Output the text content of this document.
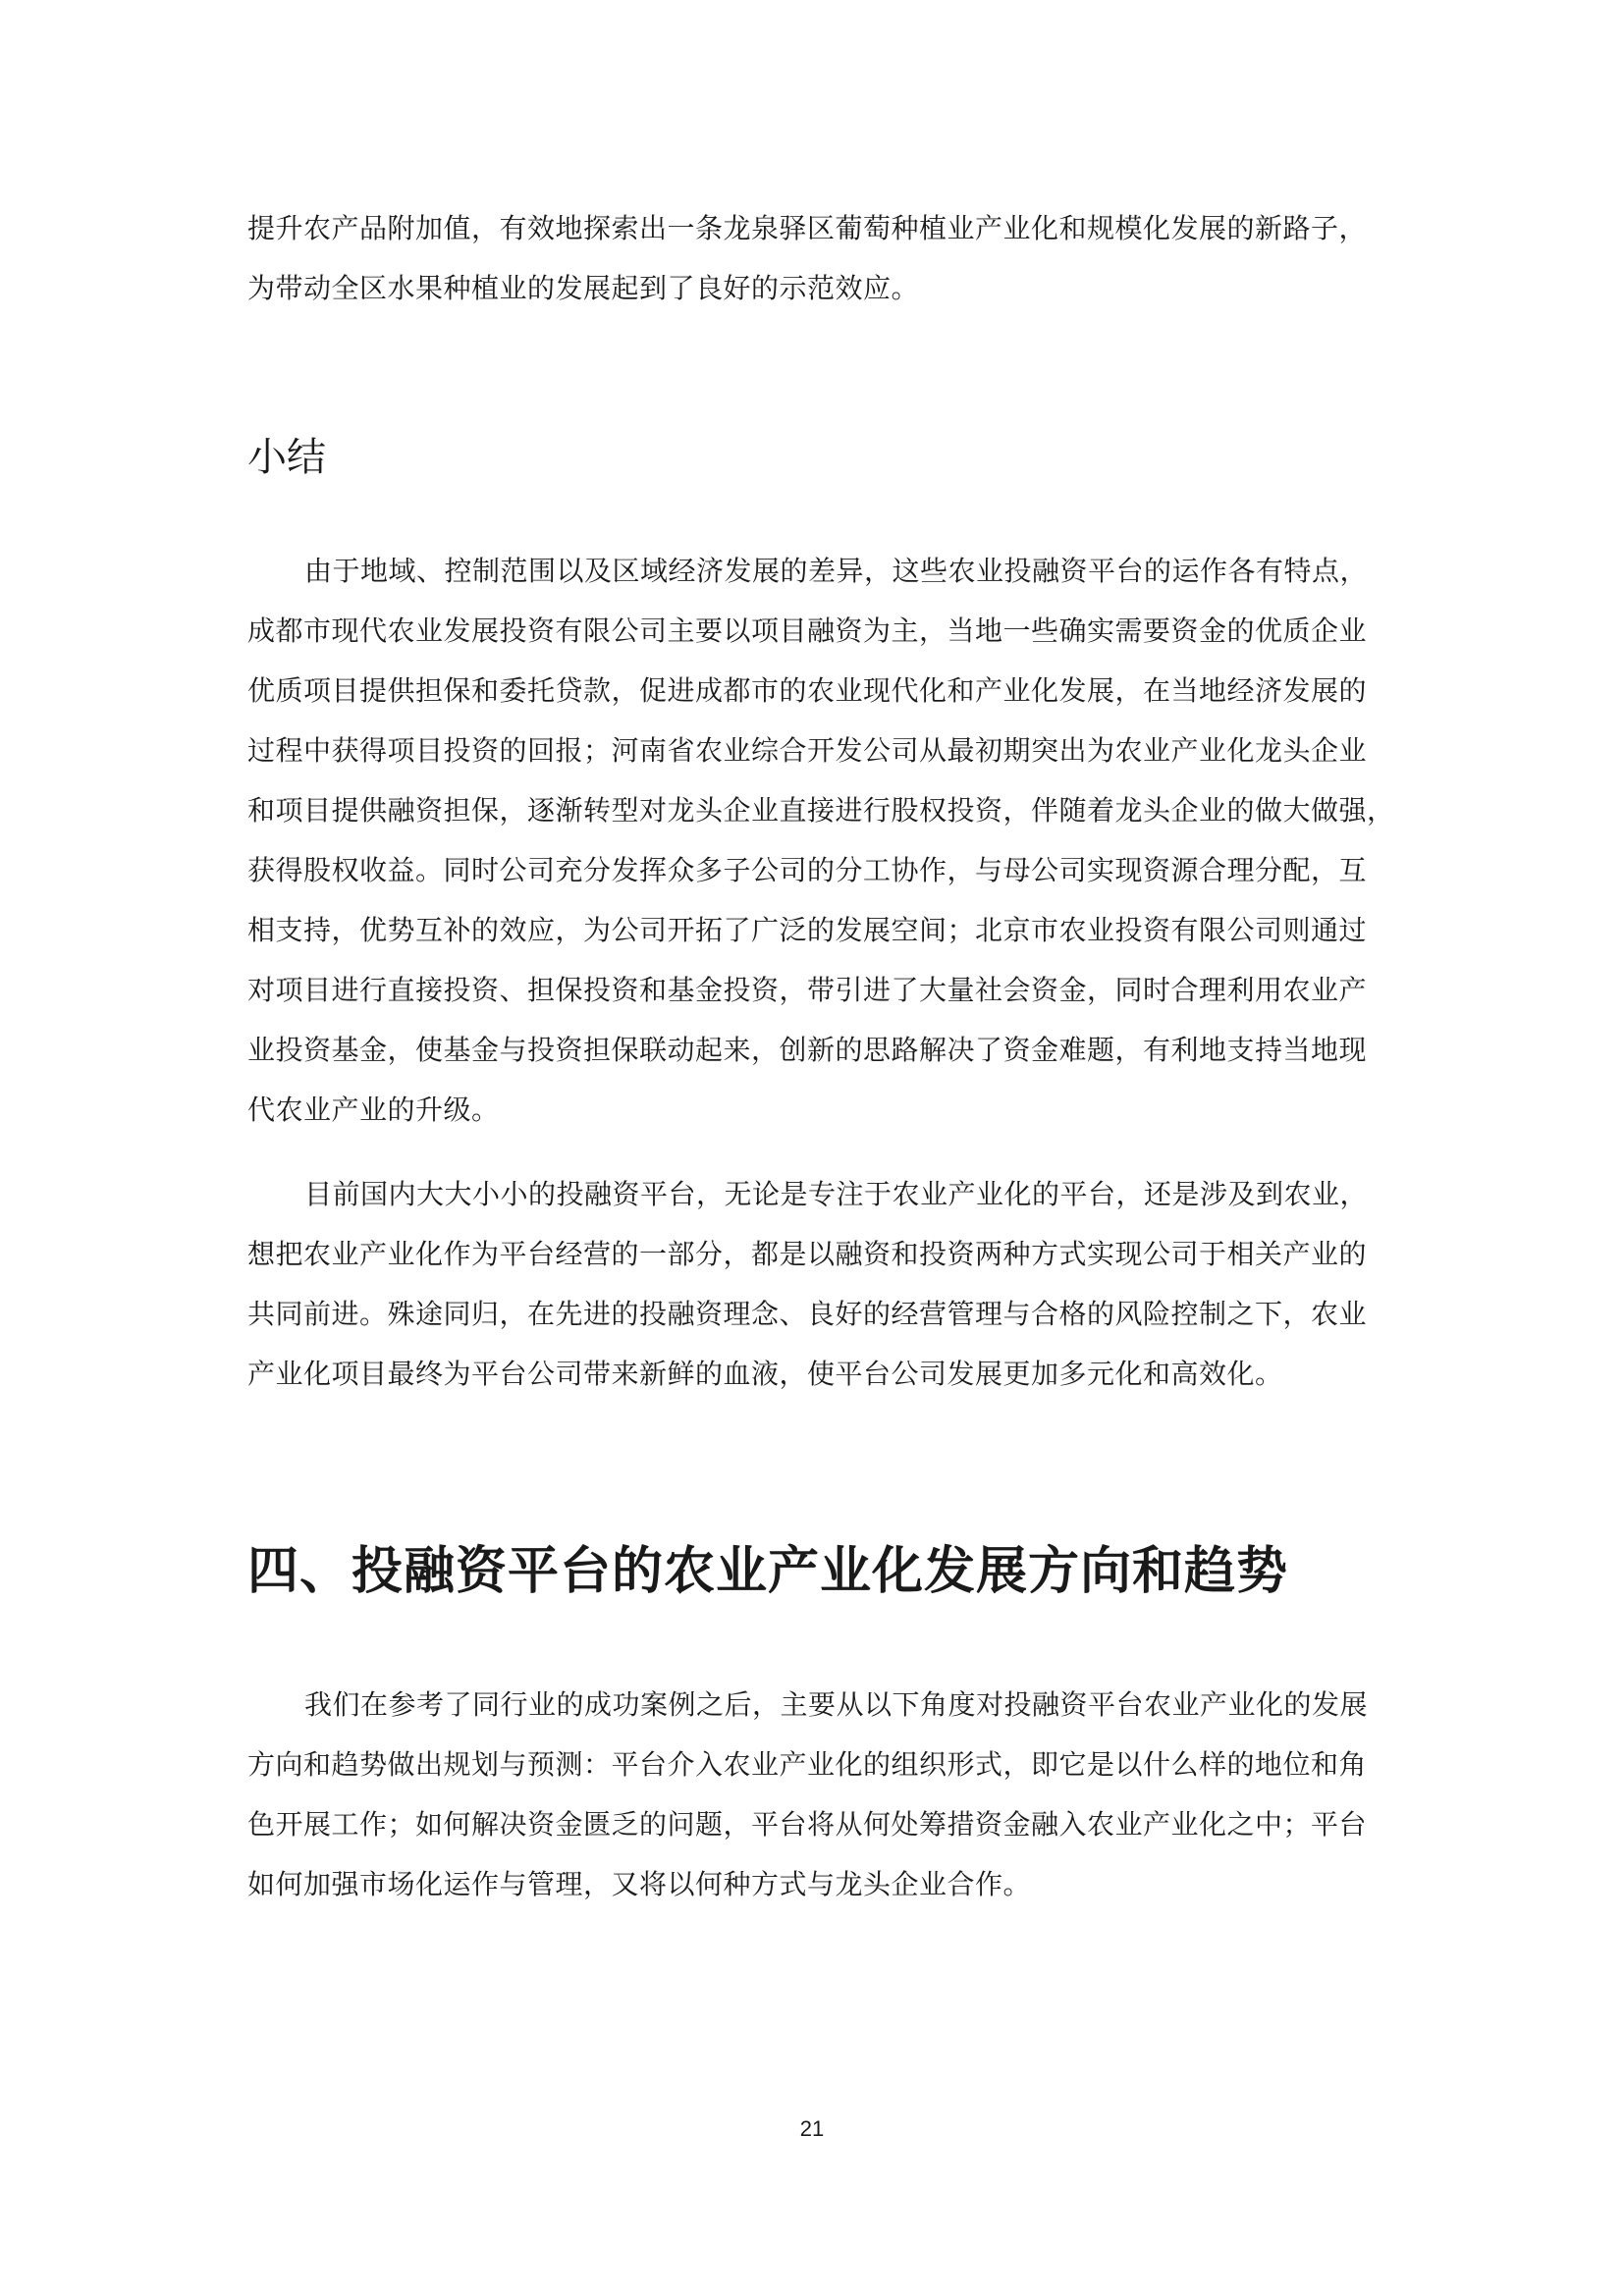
提升农产品附加值，有效地探索出一条龙泉驿区葡萄种植业产业化和规模化发展的新路子，
为带动全区水果种植业的发展起到了良好的示范效应。
小结
由于地域、控制范围以及区域经济发展的差异，这些农业投融资平台的运作各有特点，
成都市现代农业发展投资有限公司主要以项目融资为主，当地一些确实需要资金的优质企业
优质项目提供担保和委托贷款，促进成都市的农业现代化和产业化发展，在当地经济发展的
过程中获得项目投资的回报；河南省农业综合开发公司从最初期突出为农业产业化龙头企业
和项目提供融资担保，逐渐转型对龙头企业直接进行股权投资，伴随着龙头企业的做大做强，
获得股权收益。同时公司充分发挥众多子公司的分工协作，与母公司实现资源合理分配，互
相支持，优势互补的效应，为公司开拓了广泛的发展空间；北京市农业投资有限公司则通过
对项目进行直接投资、担保投资和基金投资，带引进了大量社会资金，同时合理利用农业产
业投资基金，使基金与投资担保联动起来，创新的思路解决了资金难题，有利地支持当地现
代农业产业的升级。
目前国内大大小小的投融资平台，无论是专注于农业产业化的平台，还是涉及到农业，
想把农业产业化作为平台经营的一部分，都是以融资和投资两种方式实现公司于相关产业的
共同前进。殊途同归，在先进的投融资理念、良好的经营管理与合格的风险控制之下，农业
产业化项目最终为平台公司带来新鲜的血液，使平台公司发展更加多元化和高效化。
四、投融资平台的农业产业化发展方向和趋势
我们在参考了同行业的成功案例之后，主要从以下角度对投融资平台农业产业化的发展
方向和趋势做出规划与预测：平台介入农业产业化的组织形式，即它是以什么样的地位和角
色开展工作；如何解决资金匮乏的问题，平台将从何处筹措资金融入农业产业化之中；平台
如何加强市场化运作与管理，又将以何种方式与龙头企业合作。
21
